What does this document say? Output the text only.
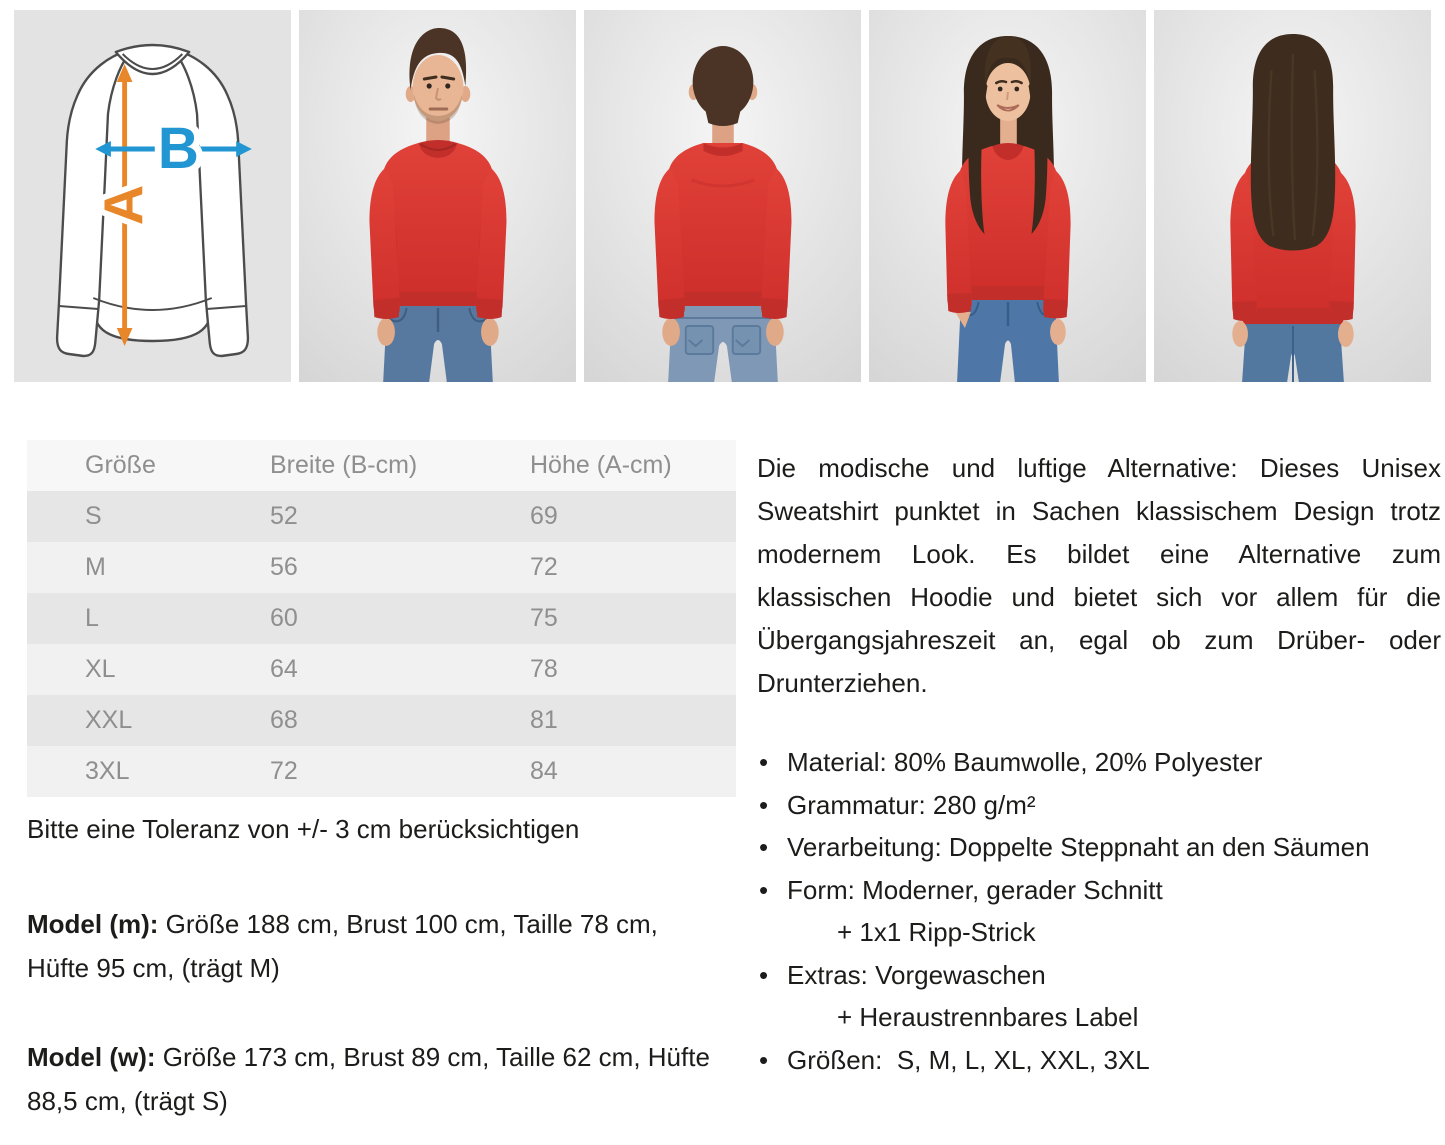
A
B
Größe	Breite (B-cm)	Höhe (A-cm)
S	52	69
M	56	72
L	60	75
XL	64	78
XXL	68	81
3XL	72	84
Bitte eine Toleranz von +/- 3 cm berücksichtigen
Model (m): Größe 188 cm, Brust 100 cm, Taille 78 cm, Hüfte 95 cm, (trägt M)
Model (w): Größe 173 cm, Brust 89 cm, Taille 62 cm, Hüfte 88,5 cm, (trägt S)

Die modische und luftige Alternative: Dieses Unisex Sweatshirt punktet in Sachen klassischem Design trotz modernem Look. Es bildet eine Alternative zum klassischen Hoodie und bietet sich vor allem für die Übergangsjahreszeit an, egal ob zum Drüber- oder Drunterziehen.

• Material: 80% Baumwolle, 20% Polyester
• Grammatur: 280 g/m²
• Verarbeitung: Doppelte Steppnaht an den Säumen
• Form: Moderner, gerader Schnitt
+ 1x1 Ripp-Strick
• Extras: Vorgewaschen
+ Heraustrennbares Label
• Größen:  S, M, L, XL, XXL, 3XL
